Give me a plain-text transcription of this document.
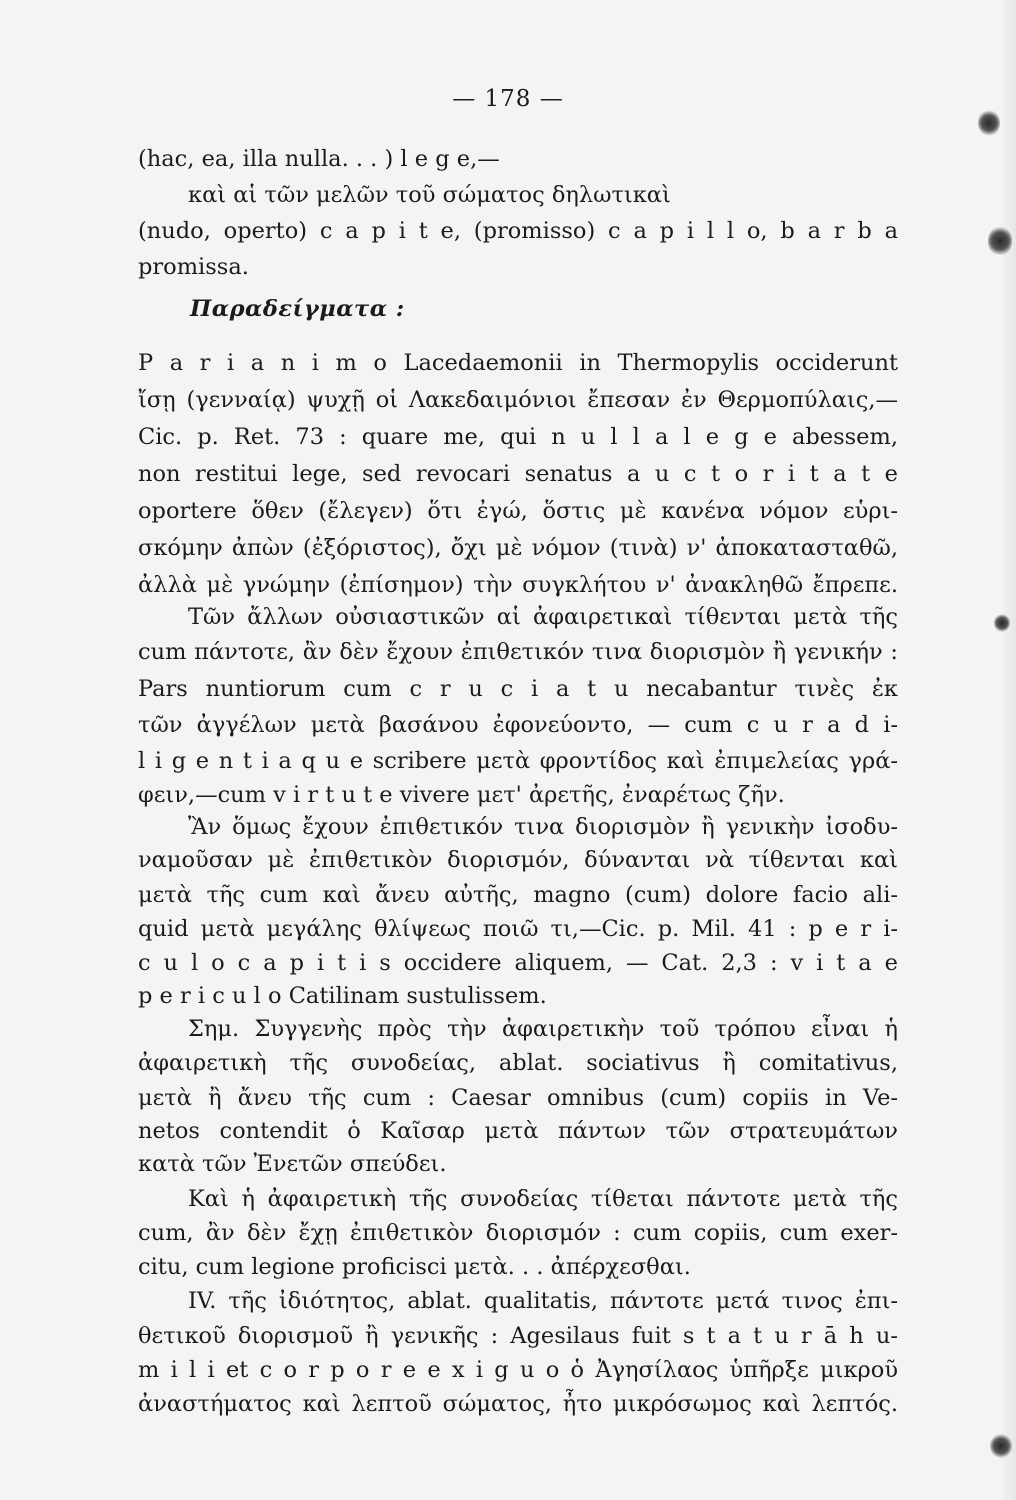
— 178 —
(hac, ea, illa nulla. . . ) l e g e,—
καὶ αἱ τῶν μελῶν τοῦ σώματος δηλωτικαὶ
(nudo, operto) c a p i t e, (promisso) c a p i l l o, b a r b a
promissa.
Παραδείγματα :
P a r i a n i m o Lacedaemonii in Thermopylis occiderunt
ἴσῃ (γενναίᾳ) ψυχῇ οἱ Λακεδαιμόνιοι ἔπεσαν ἐν Θερμοπύλαις,—
Cic. p. Ret. 73 : quare me, qui n u l l a l e g e abessem,
non restitui lege, sed revocari senatus a u c t o r i t a t e
oportere ὅθεν (ἔλεγεν) ὅτι ἐγώ, ὅστις μὲ κανένα νόμον εὑρι-
σκόμην ἀπὼν (ἐξόριστος), ὄχι μὲ νόμον (τινὰ) ν' ἀποκατασταθῶ,
ἀλλὰ μὲ γνώμην (ἐπίσημον) τὴν συγκλήτου ν' ἀνακληθῶ ἔπρεπε.
Τῶν ἄλλων οὐσιαστικῶν αἱ ἀφαιρετικαὶ τίθενται μετὰ τῆς
cum πάντοτε, ἂν δὲν ἔχουν ἐπιθετικόν τινα διορισμὸν ἢ γενικήν :
Pars nuntiorum cum c r u c i a t u necabantur τινὲς ἐκ
τῶν ἀγγέλων μετὰ βασάνου ἐφονεύοντο, — cum c u r a d i-
l i g e n t i a q u e scribere μετὰ φροντίδος καὶ ἐπιμελείας γρά-
φειν,—cum v i r t u t e vivere μετ' ἀρετῆς, ἐναρέτως ζῆν.
Ἂν ὅμως ἔχουν ἐπιθετικόν τινα διορισμὸν ἢ γενικὴν ἰσοδυ-
ναμοῦσαν μὲ ἐπιθετικὸν διορισμόν, δύνανται νὰ τίθενται καὶ
μετὰ τῆς cum καὶ ἄνευ αὐτῆς, magno (cum) dolore facio ali-
quid μετὰ μεγάλης θλίψεως ποιῶ τι,—Cic. p. Mil. 41 : p e r i-
c u l o c a p i t i s occidere aliquem, — Cat. 2,3 : v i t a e
p e r i c u l o Catilinam sustulissem.
Σημ. Συγγενὴς πρὸς τὴν ἀφαιρετικὴν τοῦ τρόπου εἶναι ἡ
ἀφαιρετικὴ τῆς συνοδείας, ablat. sociativus ἢ comitativus,
μετὰ ἢ ἄνευ τῆς cum : Caesar omnibus (cum) copiis in Ve-
netos contendit ὁ Καῖσαρ μετὰ πάντων τῶν στρατευμάτων
κατὰ τῶν Ἐνετῶν σπεύδει.
Καὶ ἡ ἀφαιρετικὴ τῆς συνοδείας τίθεται πάντοτε μετὰ τῆς
cum, ἂν δὲν ἔχῃ ἐπιθετικὸν διορισμόν : cum copiis, cum exer-
citu, cum legione proficisci μετὰ. . . ἀπέρχεσθαι.
IV. τῆς ἰδιότητος, ablat. qualitatis, πάντοτε μετά τινος ἐπι-
θετικοῦ διορισμοῦ ἢ γενικῆς : Agesilaus fuit s t a t u r ā h u-
m i l i et c o r p o r e e x i g u o ὁ Ἀγησίλαος ὑπῆρξε μικροῦ
ἀναστήματος καὶ λεπτοῦ σώματος, ἦτο μικρόσωμος καὶ λεπτός.
